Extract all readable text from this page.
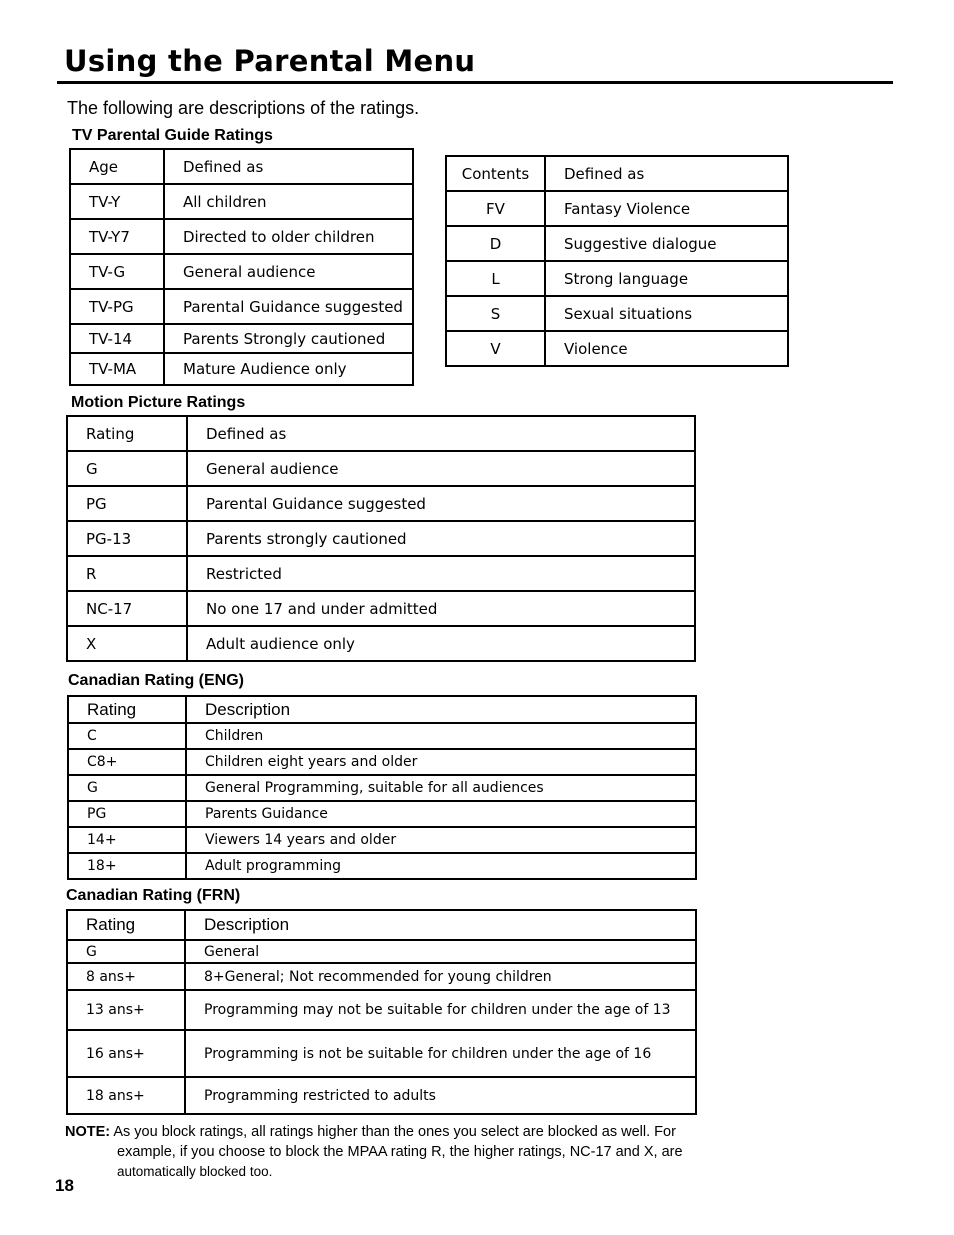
Using the Parental Menu
The following are descriptions of the ratings.
TV Parental Guide Ratings
Age	Defined as
TV-Y	All children
TV-Y7	Directed to older children
TV-G	General audience
TV-PG	Parental Guidance suggested
TV-14	Parents Strongly cautioned
TV-MA	Mature Audience only
Contents	Defined as
FV	Fantasy Violence
D	Suggestive dialogue
L	Strong language
S	Sexual situations
V	Violence
Motion Picture Ratings
Rating	Defined as
G	General audience
PG	Parental Guidance suggested
PG-13	Parents strongly cautioned
R	Restricted
NC-17	No one 17 and under admitted
X	Adult audience only
Canadian Rating (ENG)
Rating	Description
C	Children
C8+	Children eight years and older
G	General Programming, suitable for all audiences
PG	Parents Guidance
14+	Viewers 14 years and older
18+	Adult programming
Canadian Rating (FRN)
Rating	Description
G	General
8 ans+	8+General; Not recommended for young children
13 ans+	Programming may not be suitable for children under the age of 13
16 ans+	Programming is not be suitable for children under the age of 16
18 ans+	Programming restricted to adults
NOTE: As you block ratings, all ratings higher than the ones you select are blocked as well. For
example, if you choose to block the MPAA rating R, the higher ratings, NC-17 and X, are
automatically blocked too.
18
